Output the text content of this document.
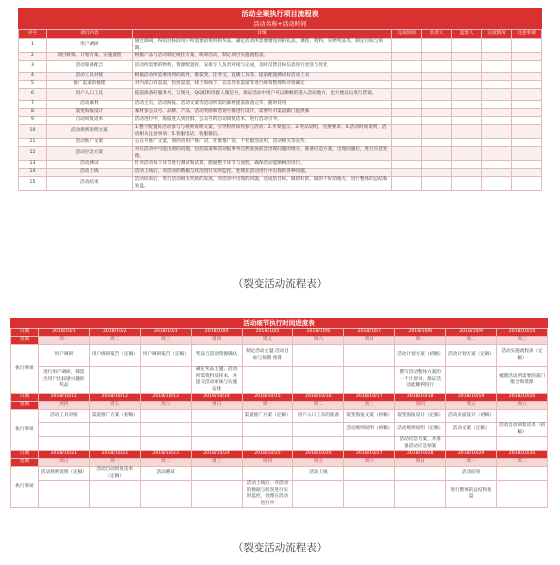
活动全案执行项目流程表
活动名称+活动时间
序号	项目内容	详情	完成时间	负责人	监督人	完成情况	注意事项
1	用户调研	通过调研，得知目标段用户所需要的资料和奖品，确定活动所需要赠送到的礼品，课程，资料，实物奖品等，制定目标与预期。					
2	项目统筹、计划方案、实施流程	根据产品与活动制定统挂方案，统筹活动，制定项目实施流程表。					
3	活动筹备配合	活动所需要的物料，资源配置好，安排专人负责对接与完成，及时反馈目标信息进行更迭与优化					
4	活动工具对接	根据活动所需要用到的软件，群裂变，任务宝，直播工具等，提前配置测试好活动工具					
5	推广渠道的梳理	对内部自有渠道，投放渠道，线上和线下，以及异业渠道等进行统筹整理和对接确定					
6	用户入口工具	提前准备好服务号，订阅号，QQ群和进群人微信号，保证活动中用户可以顺畅的进入活动地方，也方便以后进行营销。					
7	活动素材	活动主页、活动海报、活动文案等活动所需的素材提前准备完毕，随时待用					
8	裂变海报设计	素材参公众号、品牌、产品、活动奖励和营销号推进行设计，需要针对渠道做门提供素					
9	自动回复话术	活动进行中，海报进入到社群，公众号的自动回复话术，进行活动引导。					
10	活动规则说明文案	1.整个配置好活动参与与规则说明文案，引导粉丝如何参与活动：2.步奏提示，3.奖品说明，兑换要求；4.活动时间说明，活动相关注意事项：5.客服电话，客服微信。					
11	活动推广文案	公众号推广文案，朋西动用户推广语，社群推广语，个社群活动用，活动相关等宣传。					
12	活动应急方案	对在活动中可能出现的问题，包括渠道和活动报事务自然发放前会出现问题的地方，准备应急方案，出现问题后，进行应急处理。					
13	活动测试	针对活动每个环节进行测试和试算，跑通整个环节与流程，确保活动能顺畅的进行。					
14	活动上线	活动上线后，对活动的数据与状况进行实时监控，处理在活动进行中出现的各种问题。					
15	活动结束	活动结束后，进行活动相关奖励的发放，对活动中出现的问题，达成的目标，做的好的，做的不好的地方，进行整体的总结和复盘。					
（裂变活动流程表）
活动细节执行时间进度表
日期	2018/10/1	2018/10/2	2018/10/3	2018/10/4	2018/10/5	2018/10/6	2018/10/7	2018/10/8	2018/10/9	2018/10/10
星期	周一	周二	周三	周四	周五	周六	周日	周一	周二	周三
执行事项	用户调研	用户调研报告（定稿）	用户调研报告（定稿）	奖品与活动资源确认	制定活动主题 活动目标与预期 预算			活动计划方案（初稿）	活动计划方案（定稿）	活动实施流程表（定稿）
	进行用户调研，筛选出用户比较感兴趣的奖品			确定奖品主题，活动所需资料及样本，并提交活动审核与实施安排				撰写活动整体方案的一个计划书，保证活动能顺利进行		梳理活动所需要的部门配合和资源
日期	2018/10/11	2018/10/12	2018/10/13	2018/10/14	2018/10/15	2018/10/16	2018/10/17	2018/10/18	2018/10/19	2018/10/20
星期	周四	周五	周六	周日	周一	周二	周三	周四	周五	周六
执行事项	活动工具对接	渠道推广方案（初稿）			渠道推广方案（定稿）	用户入口工具的准备	裂变海报文案（初稿）	裂变海报设计（定稿）	活动页面设计（初稿）	
							活动规则说明（初稿）	活动规则说明（定稿）	活动文案（定稿）	活动自动回复话术（初稿）
								活动应急方案，并准备活动应急预案		
日期	2018/10/21	2018/10/22	2018/10/23	2018/10/24	2018/10/25	2018/10/26	2018/10/27	2018/10/28	2018/10/29	2018/10/30
星期	周日	周一	周二	周三	周四	周五	周六	周日	周一	周二
执行事项	活动规则说明（定稿）	活动自动回复话术（定稿）	活动测试			活动上线			活动结束	
					活动上线后，对活动的数据与状况进行实时监控，处理在活动进行中				进行整体的总结和复盘	
（裂变活动流程表）
